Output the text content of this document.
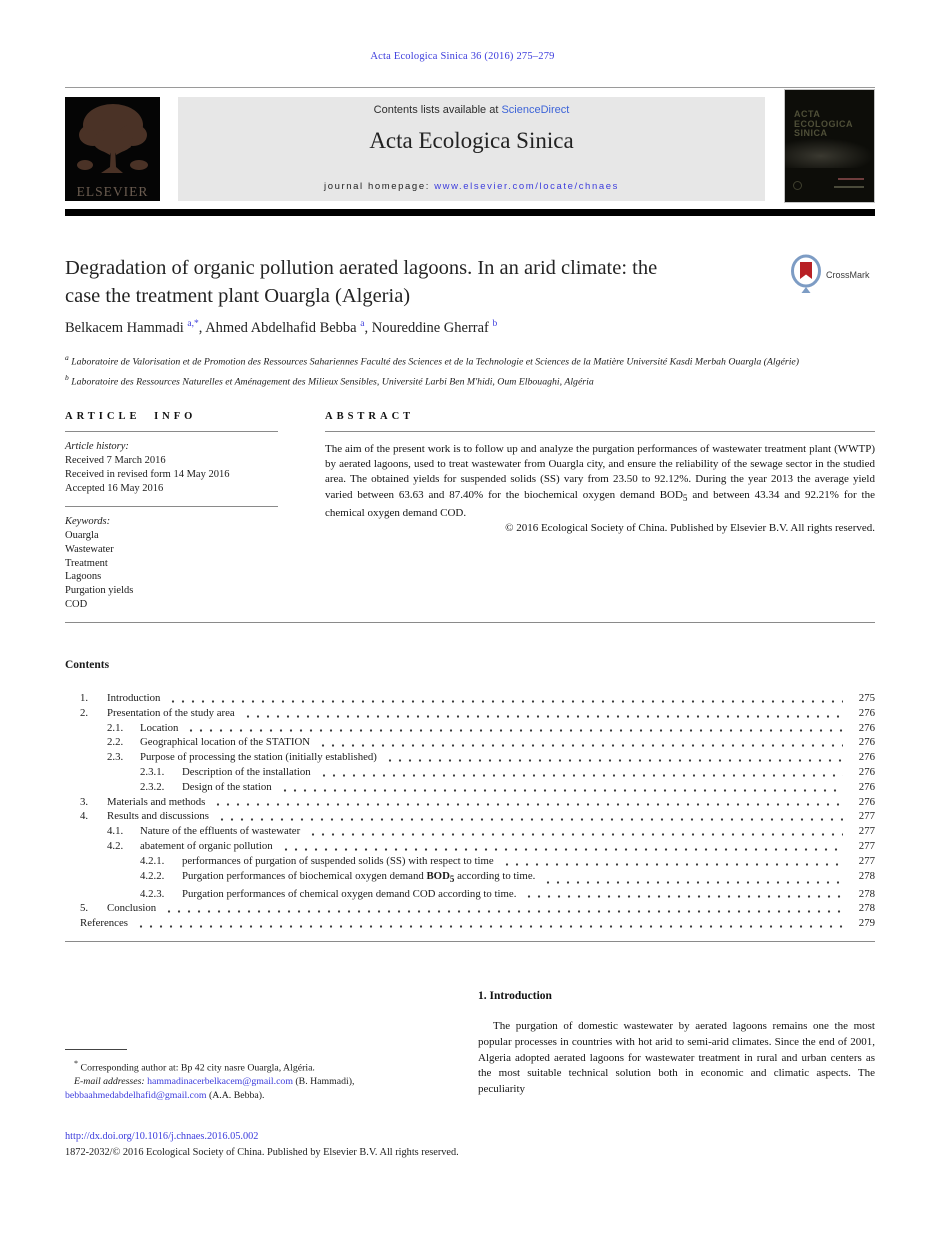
Acta Ecologica Sinica 36 (2016) 275–279
ELSEVIER
Contents lists available at ScienceDirect
Acta Ecologica Sinica
journal homepage: www.elsevier.com/locate/chnaes
ACTA ECOLOGICA SINICA
Degradation of organic pollution aerated lagoons. In an arid climate: the
case the treatment plant Ouargla (Algeria)
CrossMark
Belkacem Hammadi $^{a,*}$, Ahmed Abdelhafid Bebba $^a$, Noureddine Gherraf $^b$
$^a$ Laboratoire de Valorisation et de Promotion des Ressources Sahariennes Faculté des Sciences et de la Technologie et Sciences de la Matière Université Kasdi Merbah Ouargla (Algérie)
$^b$ Laboratoire des Ressources Naturelles et Aménagement des Milieux Sensibles, Université Larbi Ben M'hidi, Oum Elbouaghi, Algéria
ARTICLE INFO
Article history:
Received 7 March 2016
Received in revised form 14 May 2016
Accepted 16 May 2016
Keywords:
Ouargla
Wastewater
Treatment
Lagoons
Purgation yields
COD
ABSTRACT

The aim of the present work is to follow up and analyze the purgation performances of wastewater treatment plant (WWTP) by aerated lagoons, used to treat wastewater from Ouargla city, and ensure the reliability of the sewage sector in the studied area. The obtained yields for suspended solids (SS) vary from 23.50 to 92.12%. During the year 2013 the average yield varied between 63.63 and 87.40% for the biochemical oxygen demand $BOD_5$ and between 43.34 and 92.21% for the chemical oxygen demand COD.

© 2016 Ecological Society of China. Published by Elsevier B.V. All rights reserved.
Contents
1.	Introduction	275
2.	Presentation of the study area	276
2.1.	Location	276
2.2.	Geographical location of the STATION	276
2.3.	Purpose of processing the station (initially established)	276
2.3.1.	Description of the installation	276
2.3.2.	Design of the station	276
3.	Materials and methods	276
4.	Results and discussions	277
4.1.	Nature of the effluents of wastewater	277
4.2.	abatement of organic pollution	277
4.2.1.	performances of purgation of suspended solids (SS) with respect to time	277
4.2.2.	Purgation performances of biochemical oxygen demand $BOD_5$ according to time.	278
4.2.3.	Purgation performances of chemical oxygen demand COD according to time.	278
5.	Conclusion	278
References	279
1. Introduction

The purgation of domestic wastewater by aerated lagoons remains one the most popular processes in countries with hot arid to semi-arid climates. Since the end of 2001, Algeria adopted aerated lagoons for wastewater treatment in rural and urban centers as the most suitable technical solution both in economic and climatic aspects. The peculiarity

* Corresponding author at: Bp 42 city nasre Ouargla, Algéria.
E-mail addresses: hammadinacerbelkacem@gmail.com (B. Hammadi),
bebbaahmedabdelhafid@gmail.com (A.A. Bebba).
http://dx.doi.org/10.1016/j.chnaes.2016.05.002
1872-2032/© 2016 Ecological Society of China. Published by Elsevier B.V. All rights reserved.
